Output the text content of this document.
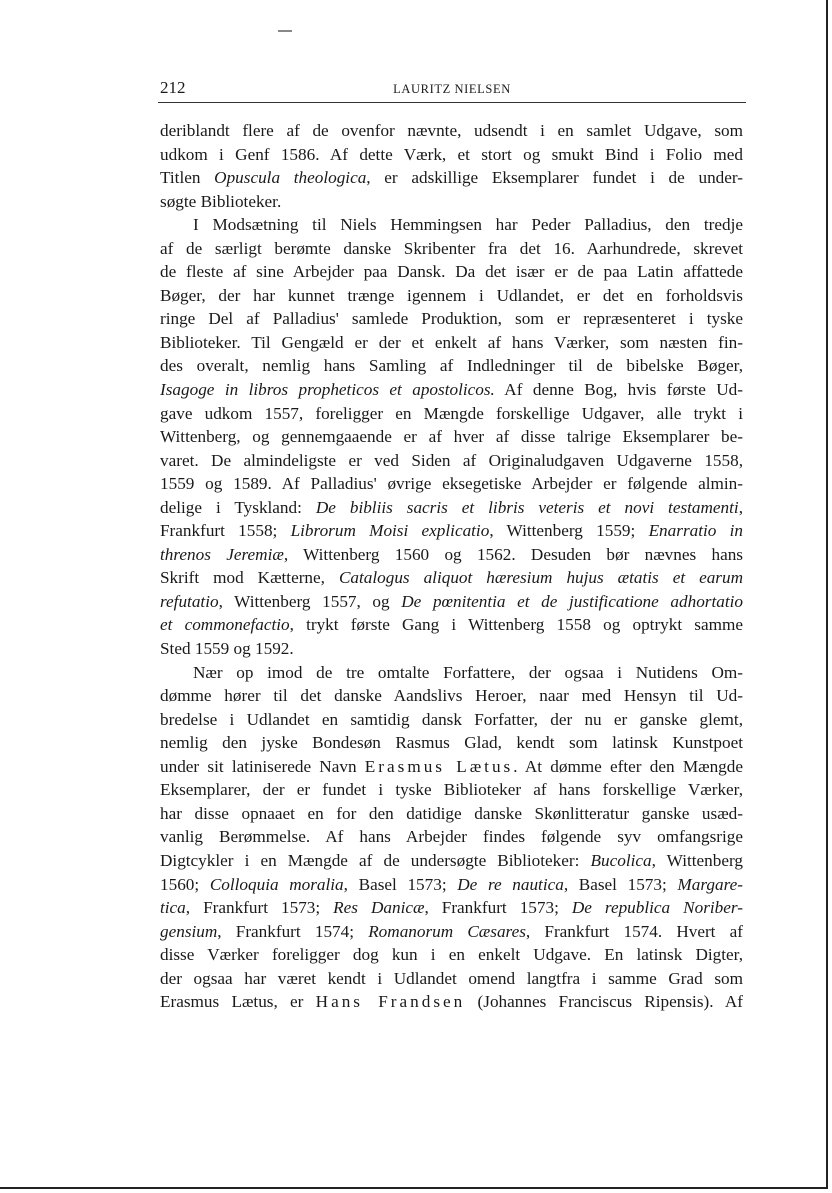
212	LAURITZ NIELSEN
deriblandt flere af de ovenfor nævnte, udsendt i en samlet Udgave, som
udkom i Genf 1586. Af dette Værk, et stort og smukt Bind i Folio med
Titlen Opuscula theologica, er adskillige Eksemplarer fundet i de under-
søgte Biblioteker.
I Modsætning til Niels Hemmingsen har Peder Palladius, den tredje
af de særligt berømte danske Skribenter fra det 16. Aarhundrede, skrevet
de fleste af sine Arbejder paa Dansk. Da det især er de paa Latin affattede
Bøger, der har kunnet trænge igennem i Udlandet, er det en forholdsvis
ringe Del af Palladius' samlede Produktion, som er repræsenteret i tyske
Biblioteker. Til Gengæld er der et enkelt af hans Værker, som næsten fin-
des overalt, nemlig hans Samling af Indledninger til de bibelske Bøger,
Isagoge in libros propheticos et apostolicos. Af denne Bog, hvis første Ud-
gave udkom 1557, foreligger en Mængde forskellige Udgaver, alle trykt i
Wittenberg, og gennemgaaende er af hver af disse talrige Eksemplarer be-
varet. De almindeligste er ved Siden af Originaludgaven Udgaverne 1558,
1559 og 1589. Af Palladius' øvrige eksegetiske Arbejder er følgende almin-
delige i Tyskland: De bibliis sacris et libris veteris et novi testamenti,
Frankfurt 1558; Librorum Moisi explicatio, Wittenberg 1559; Enarratio in
threnos Jeremiæ, Wittenberg 1560 og 1562. Desuden bør nævnes hans
Skrift mod Kætterne, Catalogus aliquot hæresium hujus ætatis et earum
refutatio, Wittenberg 1557, og De pœnitentia et de justificatione adhortatio
et commonefactio, trykt første Gang i Wittenberg 1558 og optrykt samme
Sted 1559 og 1592.
Nær op imod de tre omtalte Forfattere, der ogsaa i Nutidens Om-
dømme hører til det danske Aandslivs Heroer, naar med Hensyn til Ud-
bredelse i Udlandet en samtidig dansk Forfatter, der nu er ganske glemt,
nemlig den jyske Bondesøn Rasmus Glad, kendt som latinsk Kunstpoet
under sit latiniserede Navn Erasmus Lætus. At dømme efter den Mængde
Eksemplarer, der er fundet i tyske Biblioteker af hans forskellige Værker,
har disse opnaaet en for den datidige danske Skønlitteratur ganske usæd-
vanlig Berømmelse. Af hans Arbejder findes følgende syv omfangsrige
Digtcykler i en Mængde af de undersøgte Biblioteker: Bucolica, Wittenberg
1560; Colloquia moralia, Basel 1573; De re nautica, Basel 1573; Margare-
tica, Frankfurt 1573; Res Danicæ, Frankfurt 1573; De republica Noriber-
gensium, Frankfurt 1574; Romanorum Cæsares, Frankfurt 1574. Hvert af
disse Værker foreligger dog kun i en enkelt Udgave. En latinsk Digter,
der ogsaa har været kendt i Udlandet omend langtfra i samme Grad som
Erasmus Lætus, er Hans Frandsen (Johannes Franciscus Ripensis). Af
